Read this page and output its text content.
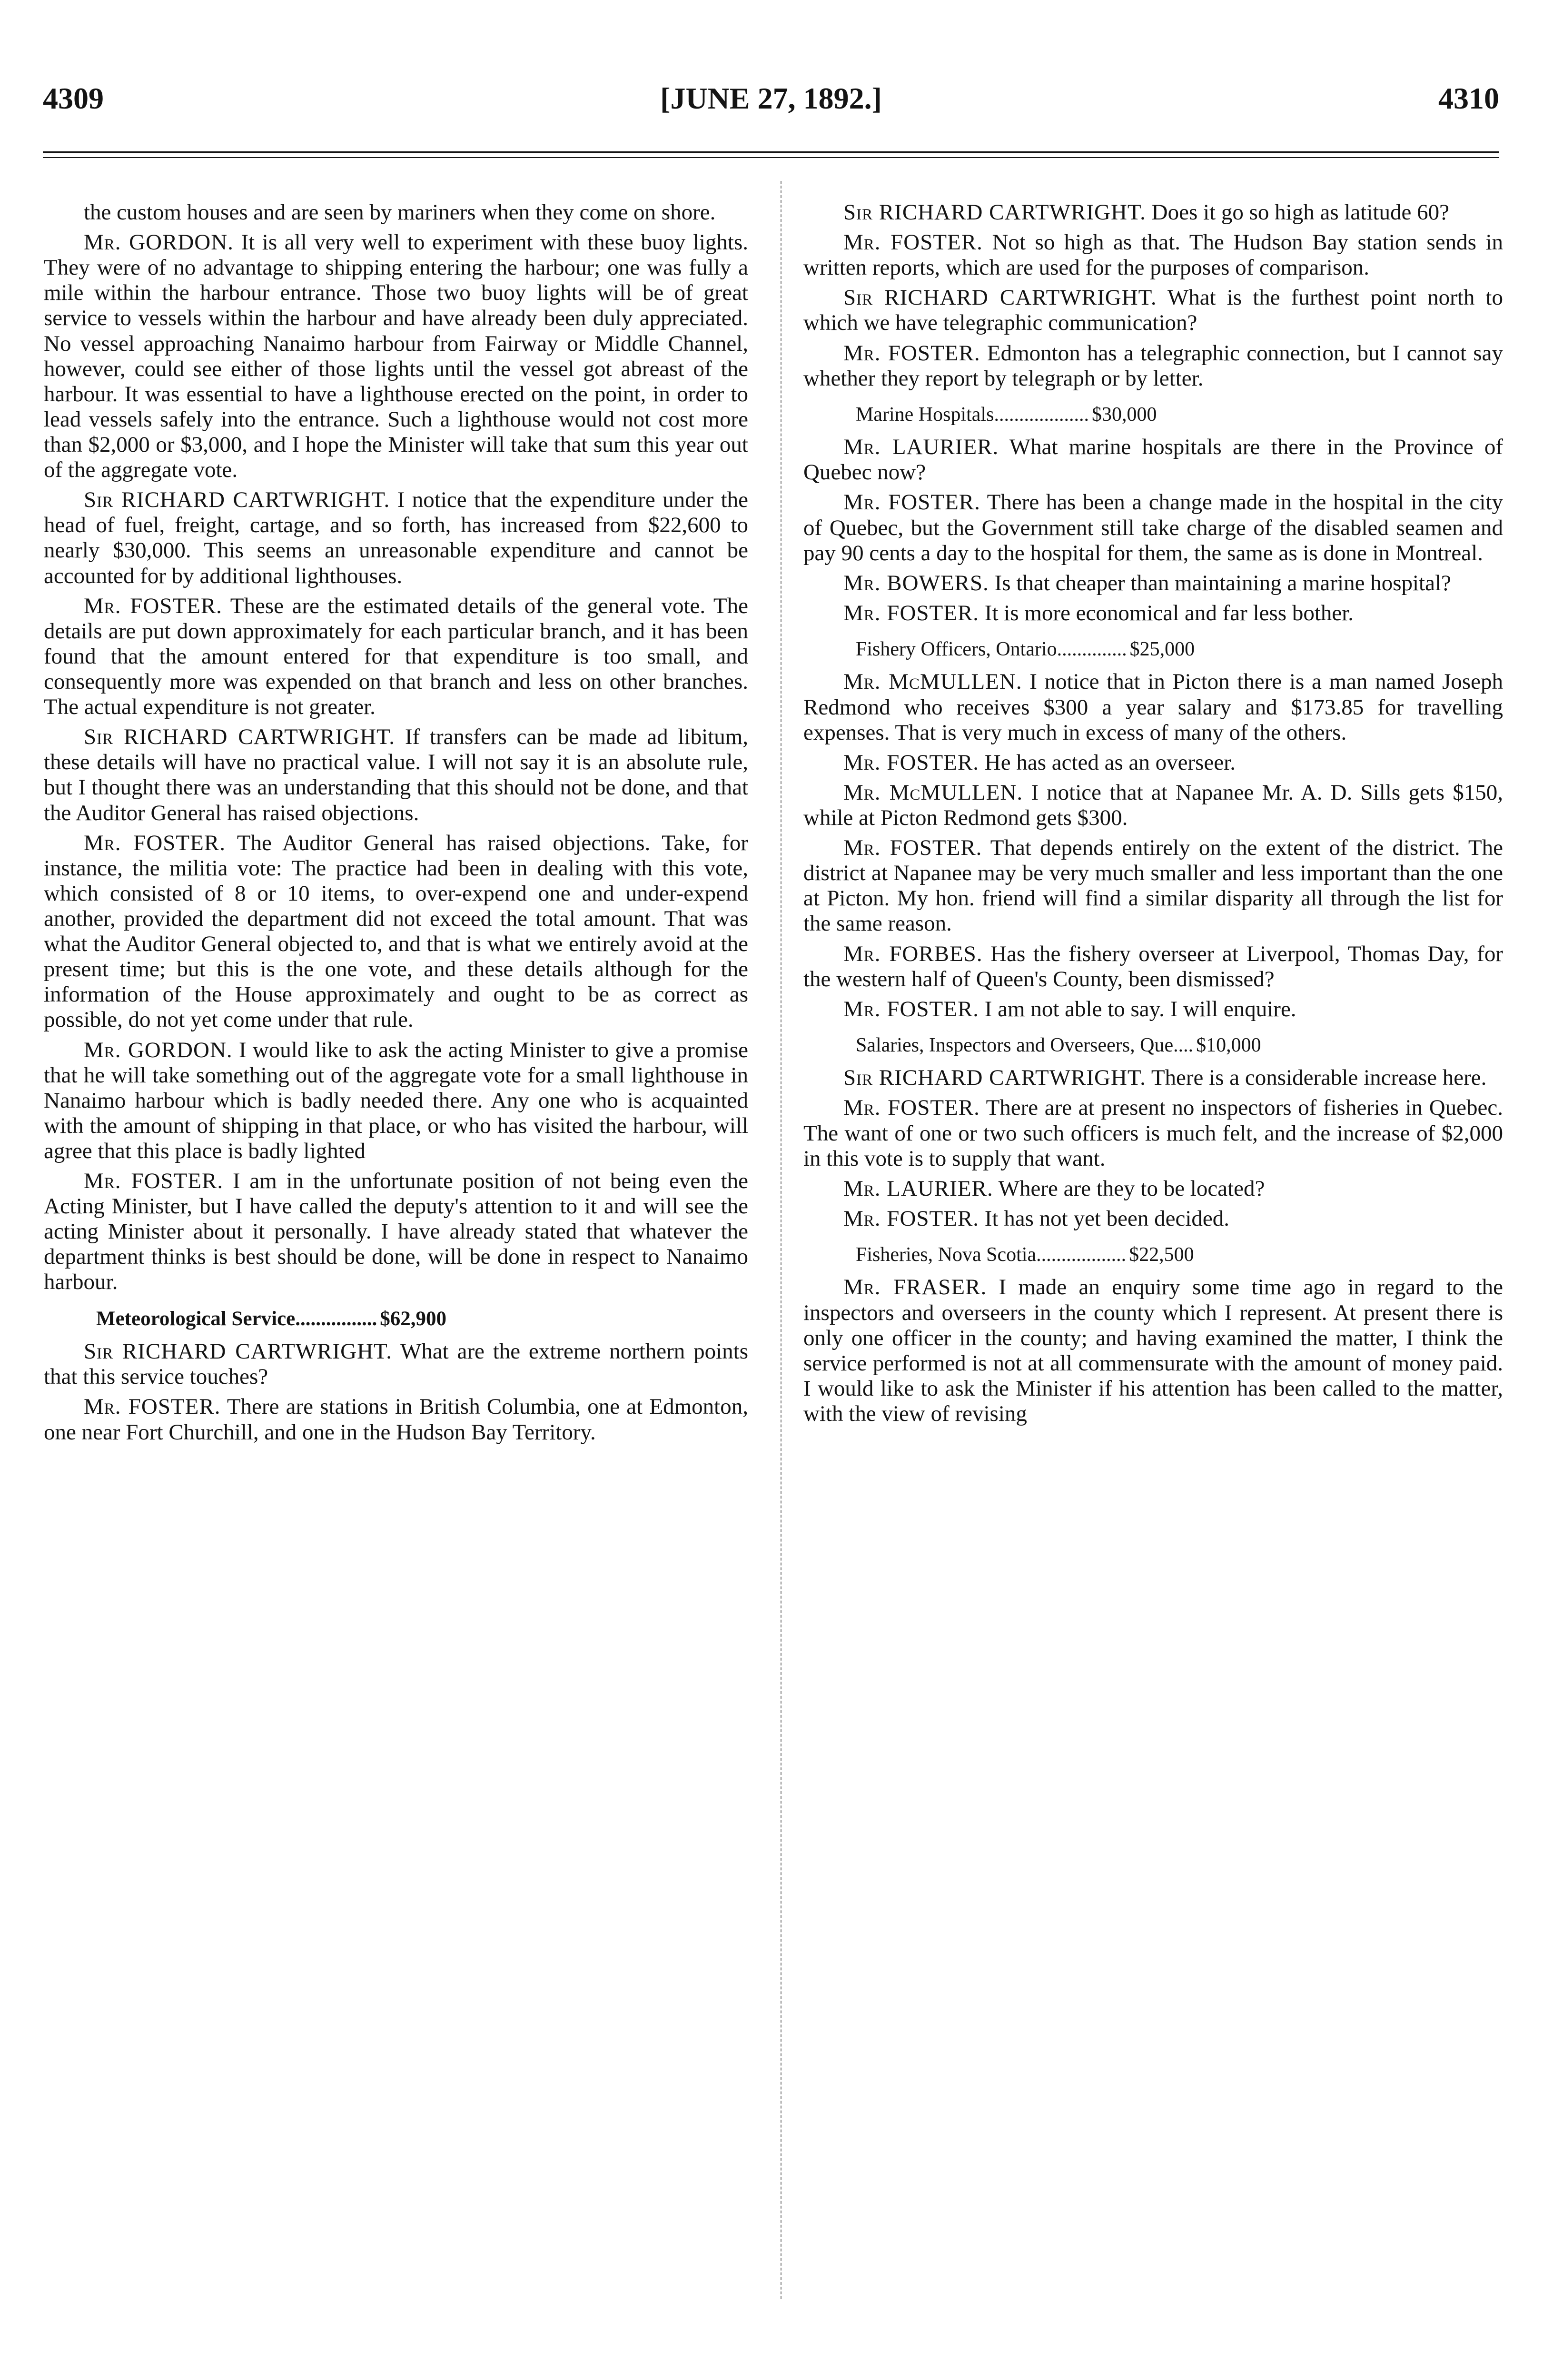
4309	[JUNE 27, 1892.]	4310

the custom houses and are seen by mariners when they come on shore.

Mr. GORDON. It is all very well to experiment with these buoy lights. They were of no advantage to shipping entering the harbour; one was fully a mile within the harbour entrance. Those two buoy lights will be of great service to vessels within the harbour and have already been duly appreciated. No vessel approaching Nanaimo harbour from Fairway or Middle Channel, however, could see either of those lights until the vessel got abreast of the harbour. It was essential to have a lighthouse erected on the point, in order to lead vessels safely into the entrance. Such a lighthouse would not cost more than $2,000 or $3,000, and I hope the Minister will take that sum this year out of the aggregate vote.

Sir RICHARD CARTWRIGHT. I notice that the expenditure under the head of fuel, freight, cartage, and so forth, has increased from $22,600 to nearly $30,000. This seems an unreasonable expenditure and cannot be accounted for by additional lighthouses.

Mr. FOSTER. These are the estimated details of the general vote. The details are put down approximately for each particular branch, and it has been found that the amount entered for that expenditure is too small, and consequently more was expended on that branch and less on other branches. The actual expenditure is not greater.

Sir RICHARD CARTWRIGHT. If transfers can be made ad libitum, these details will have no practical value. I will not say it is an absolute rule, but I thought there was an understanding that this should not be done, and that the Auditor General has raised objections.

Mr. FOSTER. The Auditor General has raised objections. Take, for instance, the militia vote: The practice had been in dealing with this vote, which consisted of 8 or 10 items, to over-expend one and under-expend another, provided the department did not exceed the total amount. That was what the Auditor General objected to, and that is what we entirely avoid at the present time; but this is the one vote, and these details although for the information of the House approximately and ought to be as correct as possible, do not yet come under that rule.

Mr. GORDON. I would like to ask the acting Minister to give a promise that he will take something out of the aggregate vote for a small lighthouse in Nanaimo harbour which is badly needed there. Any one who is acquainted with the amount of shipping in that place, or who has visited the harbour, will agree that this place is badly lighted

Mr. FOSTER. I am in the unfortunate position of not being even the Acting Minister, but I have called the deputy's attention to it and will see the acting Minister about it personally. I have already stated that whatever the department thinks is best should be done, will be done in respect to Nanaimo harbour.

Meteorological Service................ $62,900

Sir RICHARD CARTWRIGHT. What are the extreme northern points that this service touches?

Mr. FOSTER. There are stations in British Columbia, one at Edmonton, one near Fort Churchill, and one in the Hudson Bay Territory.

Sir RICHARD CARTWRIGHT. Does it go so high as latitude 60?

Mr. FOSTER. Not so high as that. The Hudson Bay station sends in written reports, which are used for the purposes of comparison.

Sir RICHARD CARTWRIGHT. What is the furthest point north to which we have telegraphic communication?

Mr. FOSTER. Edmonton has a telegraphic connection, but I cannot say whether they report by telegraph or by letter.

Marine Hospitals................... $30,000

Mr. LAURIER. What marine hospitals are there in the Province of Quebec now?

Mr. FOSTER. There has been a change made in the hospital in the city of Quebec, but the Government still take charge of the disabled seamen and pay 90 cents a day to the hospital for them, the same as is done in Montreal.

Mr. BOWERS. Is that cheaper than maintaining a marine hospital?

Mr. FOSTER. It is more economical and far less bother.

Fishery Officers, Ontario.............. $25,000

Mr. McMULLEN. I notice that in Picton there is a man named Joseph Redmond who receives $300 a year salary and $173.85 for travelling expenses. That is very much in excess of many of the others.

Mr. FOSTER. He has acted as an overseer.

Mr. McMULLEN. I notice that at Napanee Mr. A. D. Sills gets $150, while at Picton Redmond gets $300.

Mr. FOSTER. That depends entirely on the extent of the district. The district at Napanee may be very much smaller and less important than the one at Picton. My hon. friend will find a similar disparity all through the list for the same reason.

Mr. FORBES. Has the fishery overseer at Liverpool, Thomas Day, for the western half of Queen's County, been dismissed?

Mr. FOSTER. I am not able to say. I will enquire.

Salaries, Inspectors and Overseers, Que.... $10,000

Sir RICHARD CARTWRIGHT. There is a considerable increase here.

Mr. FOSTER. There are at present no inspectors of fisheries in Quebec. The want of one or two such officers is much felt, and the increase of $2,000 in this vote is to supply that want.

Mr. LAURIER. Where are they to be located?

Mr. FOSTER. It has not yet been decided.

Fisheries, Nova Scotia.................. $22,500

Mr. FRASER. I made an enquiry some time ago in regard to the inspectors and overseers in the county which I represent. At present there is only one officer in the county; and having examined the matter, I think the service performed is not at all commensurate with the amount of money paid. I would like to ask the Minister if his attention has been called to the matter, with the view of revising
